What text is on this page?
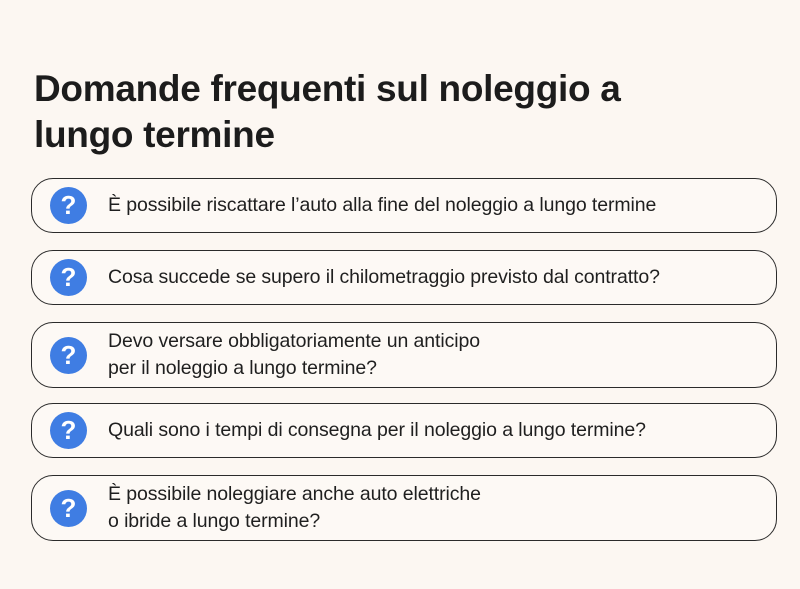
Domande frequenti sul noleggio a lungo termine
? È possibile riscattare l’auto alla fine del noleggio a lungo termine
? Cosa succede se supero il chilometraggio previsto dal contratto?
? Devo versare obbligatoriamente un anticipo
per il noleggio a lungo termine?
? Quali sono i tempi di consegna per il noleggio a lungo termine?
? È possibile noleggiare anche auto elettriche
o ibride a lungo termine?
